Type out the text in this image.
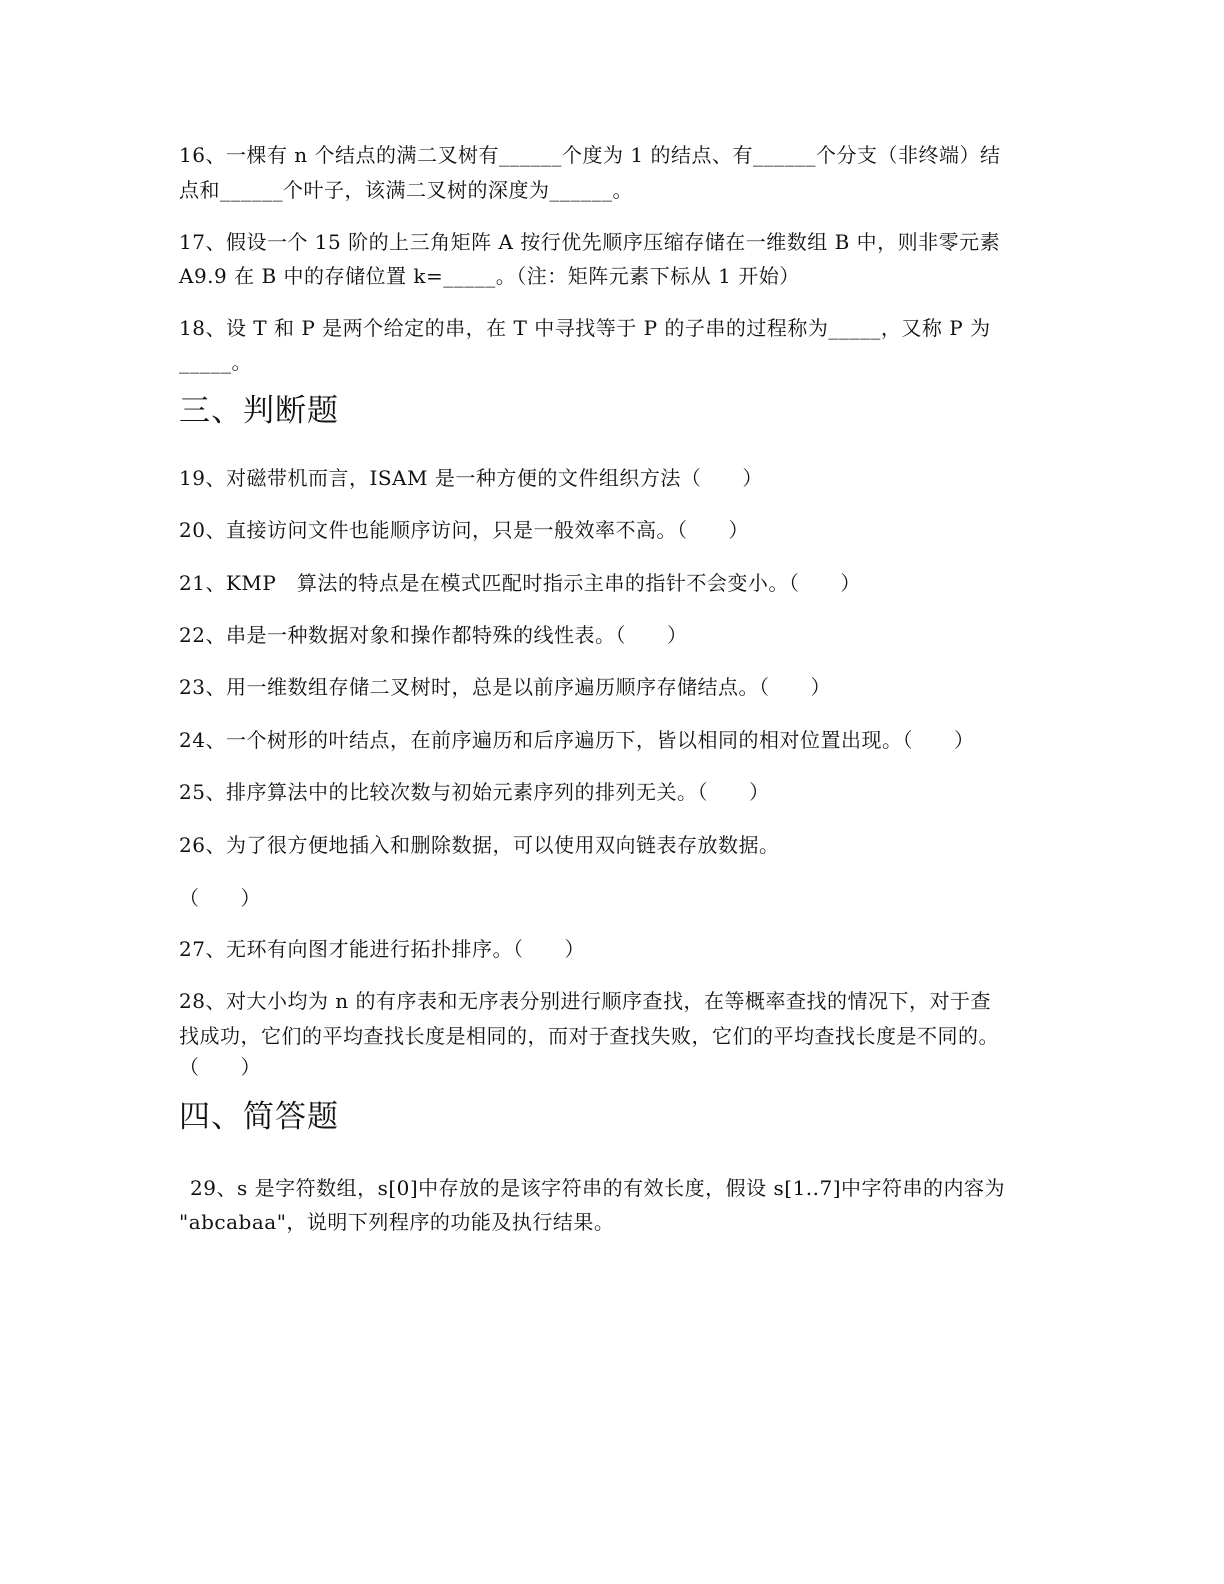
16、一棵有 n 个结点的满二叉树有______个度为 1 的结点、有______个分支（非终端）结
点和______个叶子，该满二叉树的深度为______。
17、假设一个 15 阶的上三角矩阵 A 按行优先顺序压缩存储在一维数组 B 中，则非零元素
A9.9 在 B 中的存储位置 k=_____。（注：矩阵元素下标从 1 开始）
18、设 T 和 P 是两个给定的串，在 T 中寻找等于 P 的子串的过程称为_____，又称 P 为
_____。
三、判断题
19、对磁带机而言，ISAM 是一种方便的文件组织方法（　　）
20、直接访问文件也能顺序访问，只是一般效率不高。（　　）
21、KMP　算法的特点是在模式匹配时指示主串的指针不会变小。（　　）
22、串是一种数据对象和操作都特殊的线性表。（　　）
23、用一维数组存储二叉树时，总是以前序遍历顺序存储结点。（　　）
24、一个树形的叶结点，在前序遍历和后序遍历下，皆以相同的相对位置出现。（　　）
25、排序算法中的比较次数与初始元素序列的排列无关。（　　）
26、为了很方便地插入和删除数据，可以使用双向链表存放数据。
（　　）
27、无环有向图才能进行拓扑排序。（　　）
28、对大小均为 n 的有序表和无序表分别进行顺序查找，在等概率查找的情况下，对于查
找成功，它们的平均查找长度是相同的，而对于查找失败，它们的平均查找长度是不同的。
（　　）
四、简答题
29、s 是字符数组，s[0]中存放的是该字符串的有效长度，假设 s[1..7]中字符串的内容为
"abcabaa"，说明下列程序的功能及执行结果。
